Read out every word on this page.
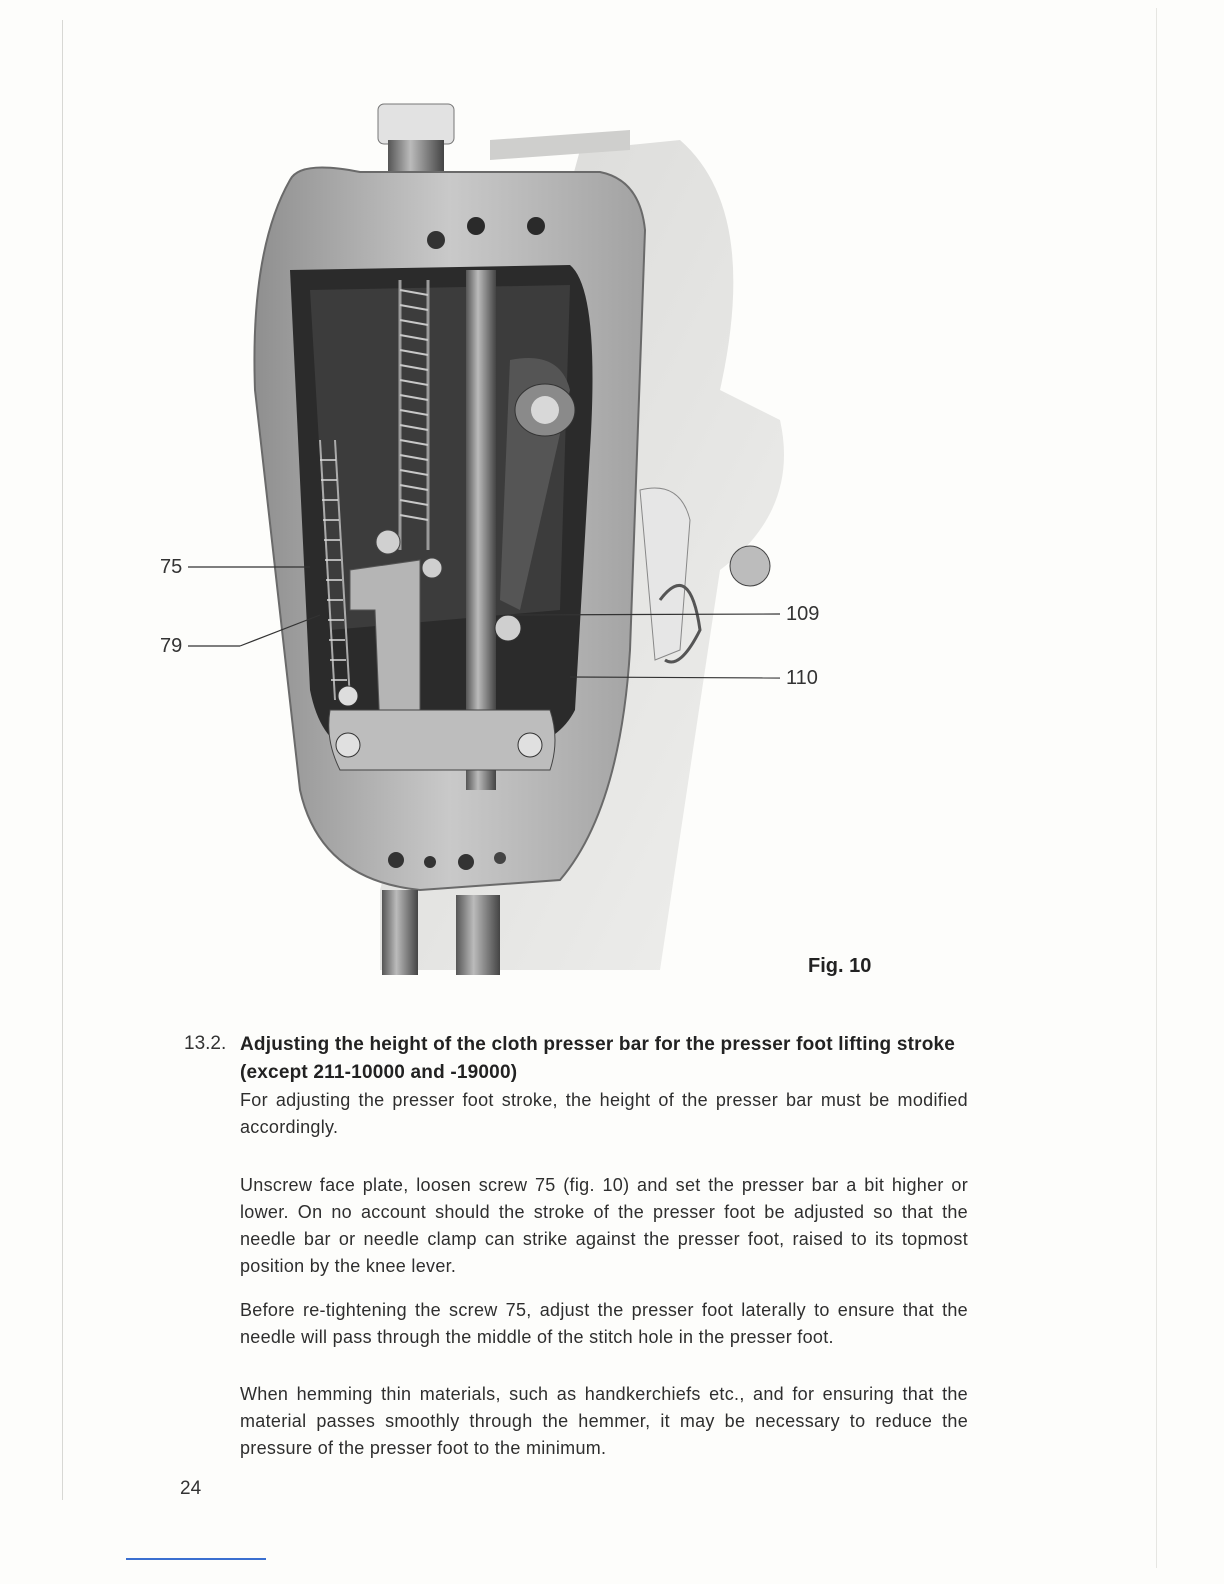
75
79
109
110
Fig. 10
13.2. Adjusting the height of the cloth presser bar for the presser foot lifting stroke (except 211-10000 and -19000)

For adjusting the presser foot stroke, the height of the presser bar must be modified accordingly.

Unscrew face plate, loosen screw 75 (fig. 10) and set the presser bar a bit higher or lower. On no account should the stroke of the presser foot be adjusted so that the needle bar or needle clamp can strike against the presser foot, raised to its topmost position by the knee lever.

Before re-tightening the screw 75, adjust the presser foot laterally to ensure that the needle will pass through the middle of the stitch hole in the presser foot.

When hemming thin materials, such as handkerchiefs etc., and for ensuring that the material passes smoothly through the hemmer, it may be necessary to reduce the pressure of the presser foot to the minimum.

24
